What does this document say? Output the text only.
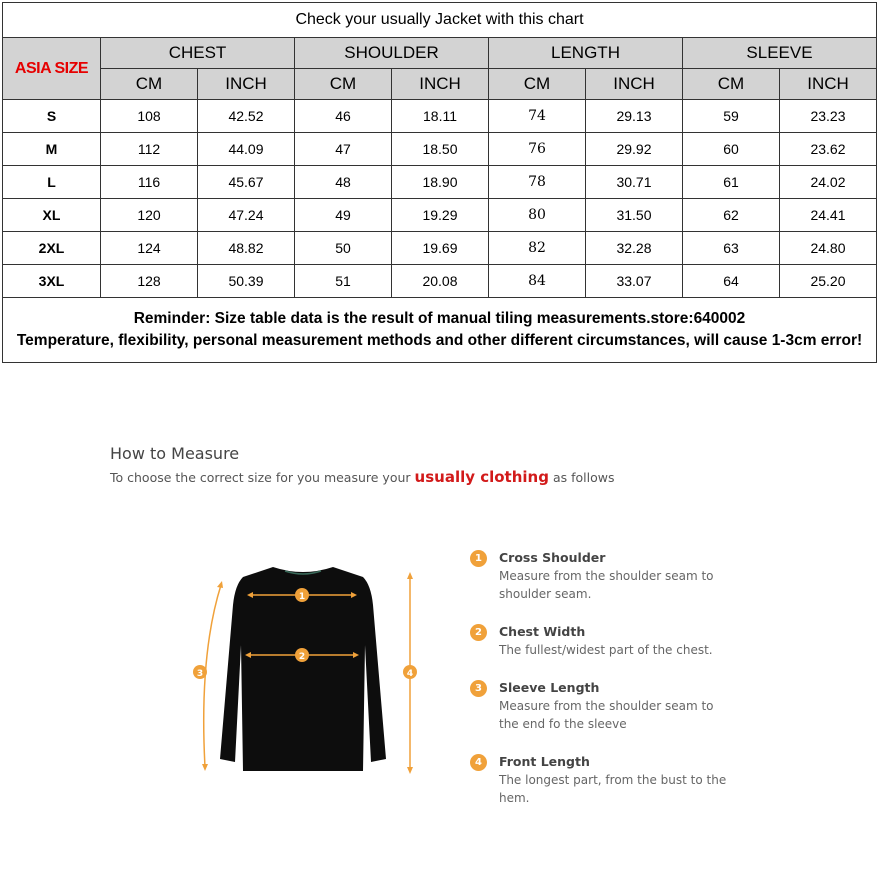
Check your usually Jacket with this chart								
ASIA SIZE	CHEST		SHOULDER		LENGTH		SLEEVE	
	CM	INCH	CM	INCH	CM	INCH	CM	INCH
S	108	42.52	46	18.11	74	29.13	59	23.23
M	112	44.09	47	18.50	76	29.92	60	23.62
L	116	45.67	48	18.90	78	30.71	61	24.02
XL	120	47.24	49	19.29	80	31.50	62	24.41
2XL	124	48.82	50	19.69	82	32.28	63	24.80
3XL	128	50.39	51	20.08	84	33.07	64	25.20
Reminder: Size table data is the result of manual tiling measurements.store:640002
Temperature, flexibility, personal measurement methods and other different circumstances, will cause 1-3cm error!								
How to Measure
To choose the correct size for you measure your usually clothing as follows
1
2
3	4
1	Cross Shoulder
Measure from the shoulder seam to shoulder seam.
2	Chest Width
The fullest/widest part of the chest.
3	Sleeve Length
Measure from the shoulder seam to the end fo the sleeve
4	Front Length
The longest part, from the bust to the hem.
